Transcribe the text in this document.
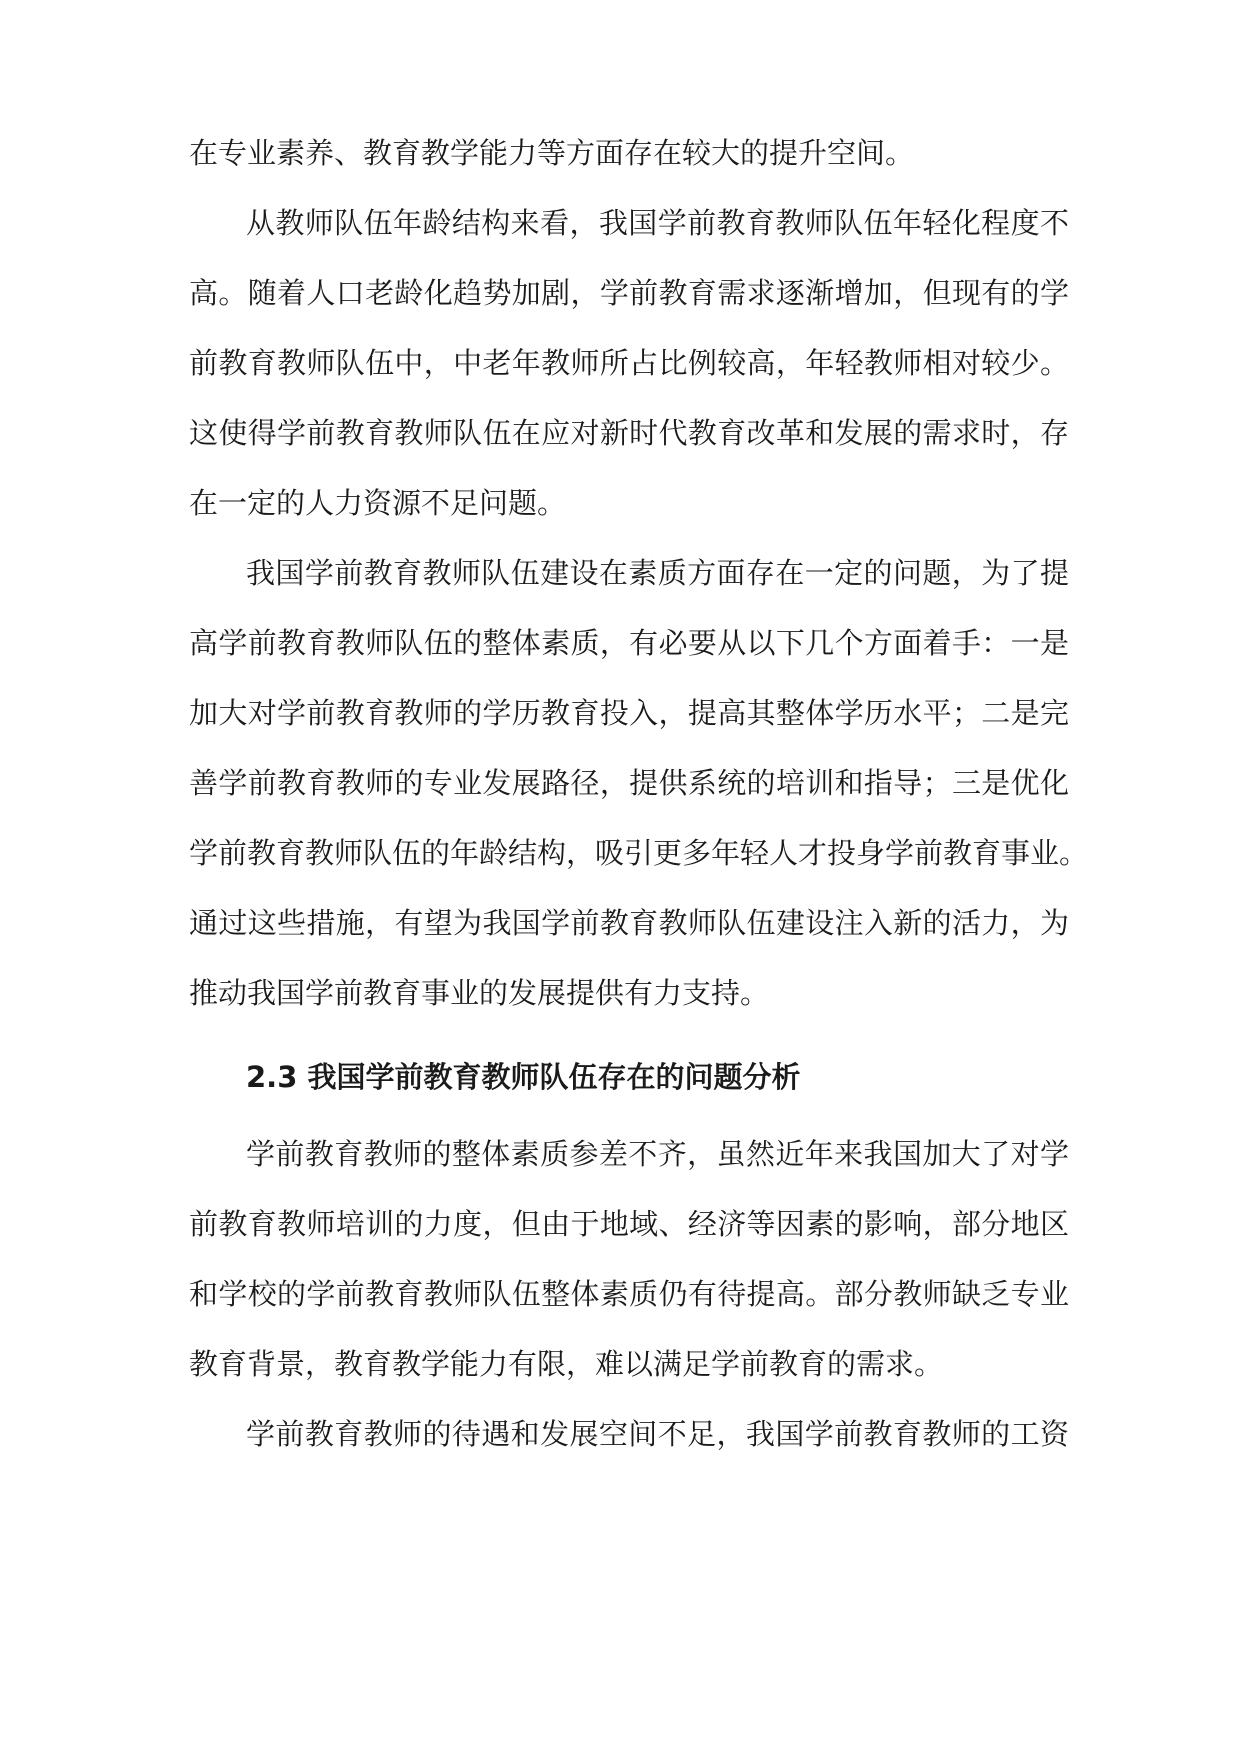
在专业素养、教育教学能力等方面存在较大的提升空间。
从教师队伍年龄结构来看，我国学前教育教师队伍年轻化程度不
高。随着人口老龄化趋势加剧，学前教育需求逐渐增加，但现有的学
前教育教师队伍中，中老年教师所占比例较高，年轻教师相对较少。
这使得学前教育教师队伍在应对新时代教育改革和发展的需求时，存
在一定的人力资源不足问题。
我国学前教育教师队伍建设在素质方面存在一定的问题，为了提
高学前教育教师队伍的整体素质，有必要从以下几个方面着手：一是
加大对学前教育教师的学历教育投入，提高其整体学历水平；二是完
善学前教育教师的专业发展路径，提供系统的培训和指导；三是优化
学前教育教师队伍的年龄结构，吸引更多年轻人才投身学前教育事业。
通过这些措施，有望为我国学前教育教师队伍建设注入新的活力，为
推动我国学前教育事业的发展提供有力支持。
2.3 我国学前教育教师队伍存在的问题分析
学前教育教师的整体素质参差不齐，虽然近年来我国加大了对学
前教育教师培训的力度，但由于地域、经济等因素的影响，部分地区
和学校的学前教育教师队伍整体素质仍有待提高。部分教师缺乏专业
教育背景，教育教学能力有限，难以满足学前教育的需求。
学前教育教师的待遇和发展空间不足，我国学前教育教师的工资
